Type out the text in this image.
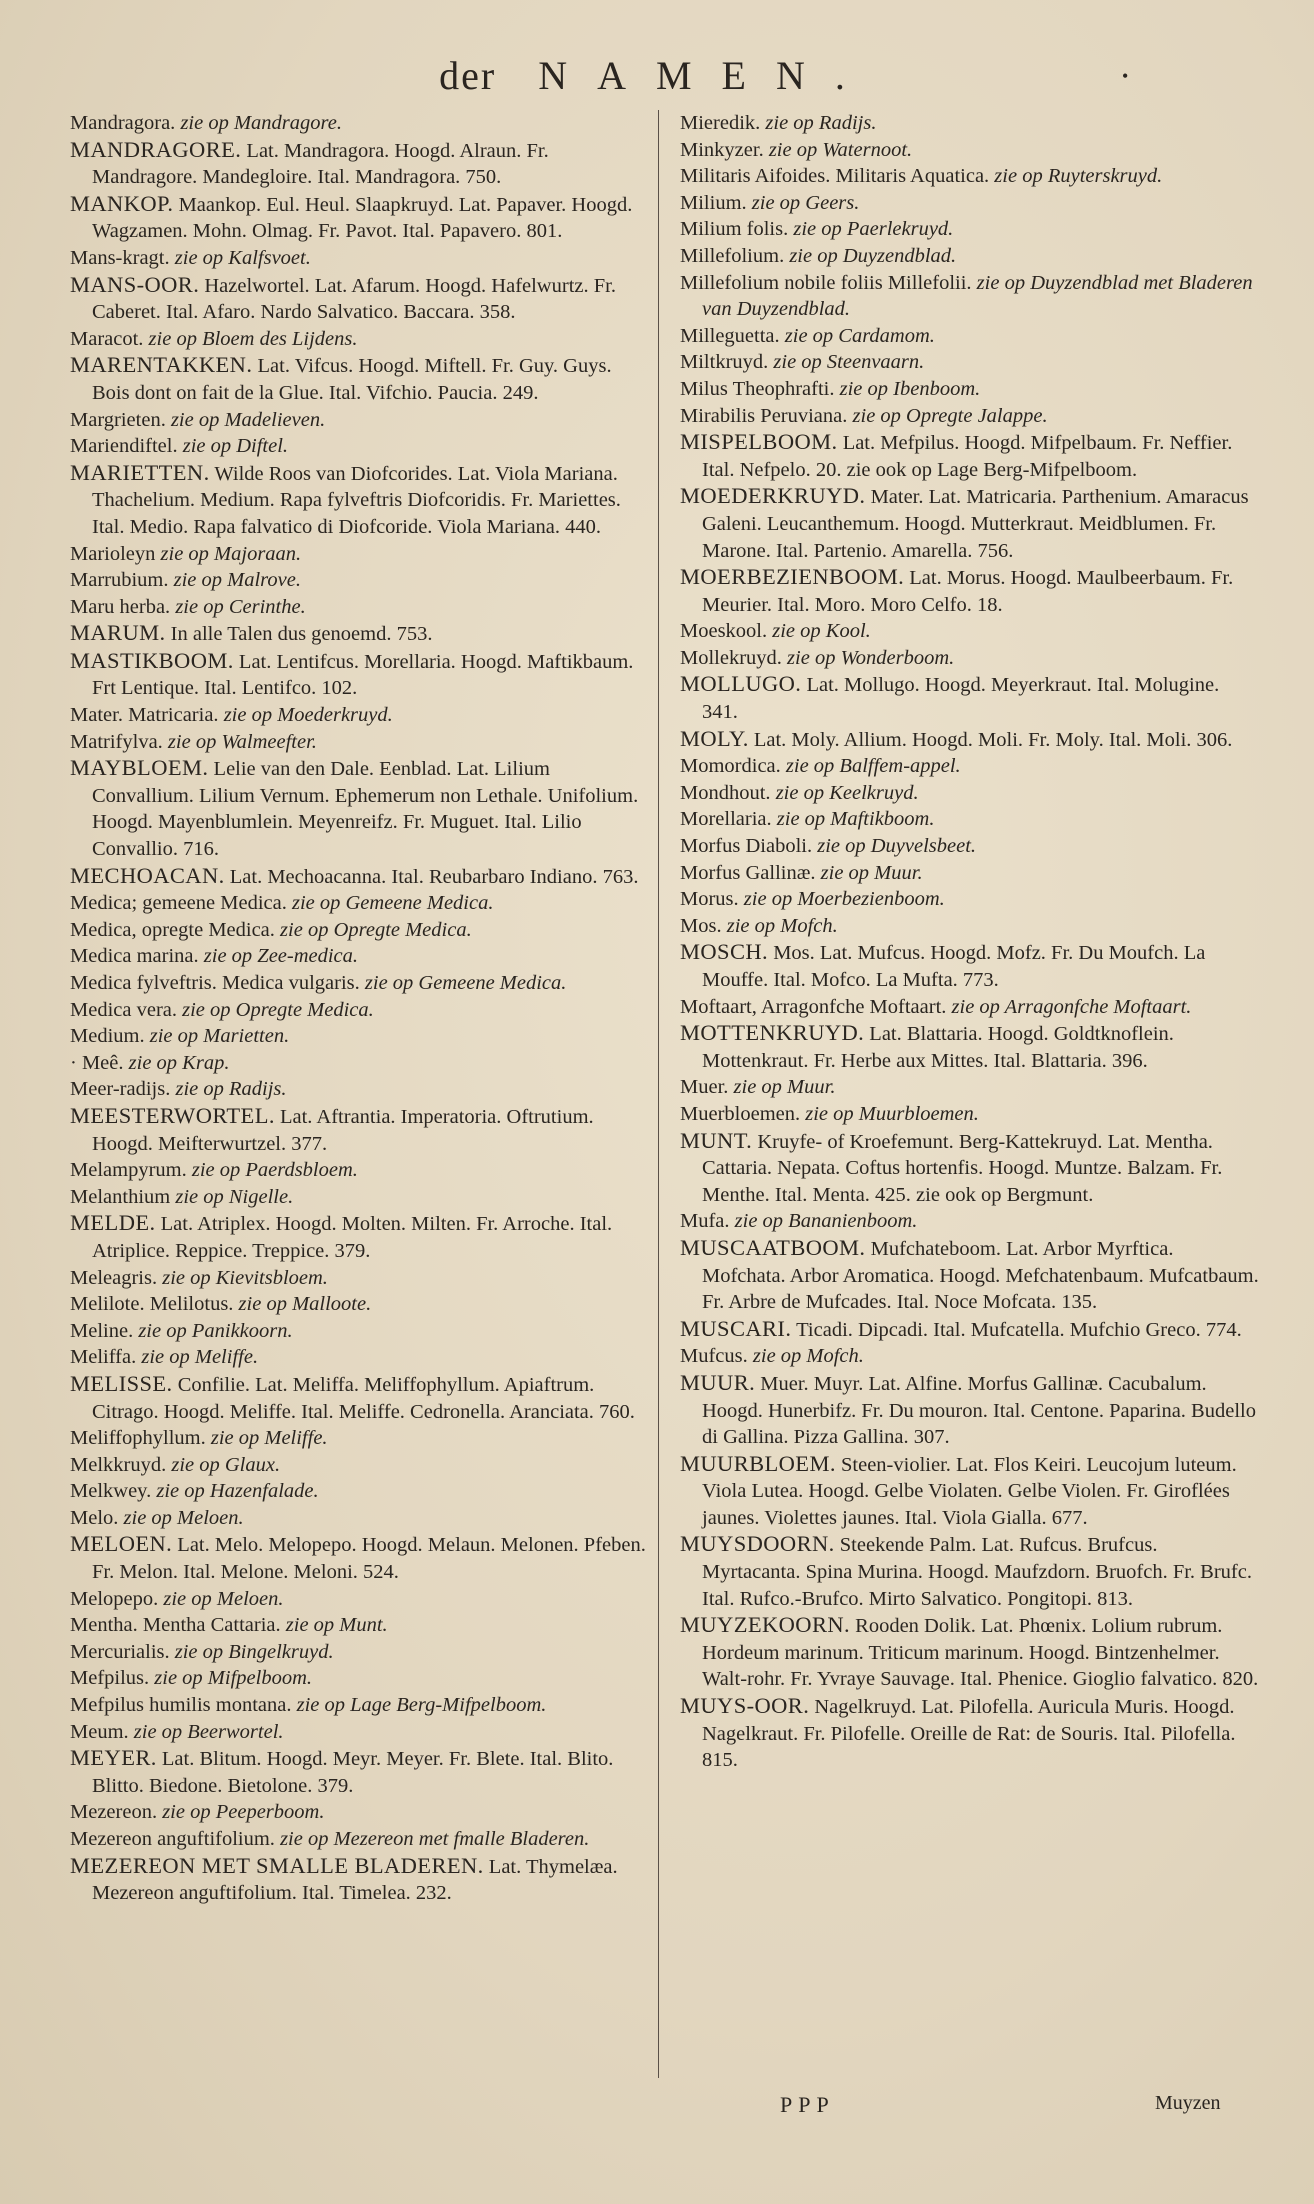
der NAMEN.	•

Mandragora. zie op Mandragore.

MANDRAGORE. Lat. Mandragora. Hoogd. Alraun. Fr. Mandragore. Mandegloire. Ital. Mandragora. 750.

MANKOP. Maankop. Eul. Heul. Slaapkruyd. Lat. Papaver. Hoogd. Wagzamen. Mohn. Olmag. Fr. Pavot. Ital. Papavero. 801.

Mans-kragt. zie op Kalfsvoet.

MANS-OOR. Hazelwortel. Lat. Afarum. Hoogd. Hafelwurtz. Fr. Caberet. Ital. Afaro. Nardo Salvatico. Baccara. 358.

Maracot. zie op Bloem des Lijdens.

MARENTAKKEN. Lat. Vifcus. Hoogd. Miftell. Fr. Guy. Guys. Bois dont on fait de la Glue. Ital. Vifchio. Paucia. 249.

Margrieten. zie op Madelieven.

Mariendiftel. zie op Diftel.

MARIETTEN. Wilde Roos van Diofcorides. Lat. Viola Mariana. Thachelium. Medium. Rapa fylveftris Diofcoridis. Fr. Mariettes. Ital. Medio. Rapa falvatico di Diofcoride. Viola Mariana. 440.

Marioleyn zie op Majoraan.

Marrubium. zie op Malrove.

Maru herba. zie op Cerinthe.

MARUM. In alle Talen dus genoemd. 753.

MASTIKBOOM. Lat. Lentifcus. Morellaria. Hoogd. Maftikbaum. Frt Lentique. Ital. Lentifco. 102.

Mater. Matricaria. zie op Moederkruyd.

Matrifylva. zie op Walmeefter.

MAYBLOEM. Lelie van den Dale. Eenblad. Lat. Lilium Convallium. Lilium Vernum. Ephemerum non Lethale. Unifolium. Hoogd. Mayenblumlein. Meyenreifz. Fr. Muguet. Ital. Lilio Convallio. 716.

MECHOACAN. Lat. Mechoacanna. Ital. Reubarbaro Indiano. 763.

Medica; gemeene Medica. zie op Gemeene Medica.

Medica, opregte Medica. zie op Opregte Medica.

Medica marina. zie op Zee-medica.

Medica fylveftris. Medica vulgaris. zie op Gemeene Medica.

Medica vera. zie op Opregte Medica.

Medium. zie op Marietten.

· Meê. zie op Krap.

Meer-radijs. zie op Radijs.

MEESTERWORTEL. Lat. Aftrantia. Imperatoria. Oftrutium. Hoogd. Meifterwurtzel. 377.

Melampyrum. zie op Paerdsbloem.

Melanthium zie op Nigelle.

MELDE. Lat. Atriplex. Hoogd. Molten. Milten. Fr. Arroche. Ital. Atriplice. Reppice. Treppice. 379.

Meleagris. zie op Kievitsbloem.

Melilote. Melilotus. zie op Malloote.

Meline. zie op Panikkoorn.

Meliffa. zie op Meliffe.

MELISSE. Confilie. Lat. Meliffa. Meliffophyllum. Apiaftrum. Citrago. Hoogd. Meliffe. Ital. Meliffe. Cedronella. Aranciata. 760.

Meliffophyllum. zie op Meliffe.

Melkkruyd. zie op Glaux.

Melkwey. zie op Hazenfalade.

Melo. zie op Meloen.

MELOEN. Lat. Melo. Melopepo. Hoogd. Melaun. Melonen. Pfeben. Fr. Melon. Ital. Melone. Meloni. 524.

Melopepo. zie op Meloen.

Mentha. Mentha Cattaria. zie op Munt.

Mercurialis. zie op Bingelkruyd.

Mefpilus. zie op Mifpelboom.

Mefpilus humilis montana. zie op Lage Berg-Mifpelboom.

Meum. zie op Beerwortel.

MEYER. Lat. Blitum. Hoogd. Meyr. Meyer. Fr. Blete. Ital. Blito. Blitto. Biedone. Bietolone. 379.

Mezereon. zie op Peeperboom.

Mezereon anguftifolium. zie op Mezereon met fmalle Bladeren.

MEZEREON MET SMALLE BLADEREN. Lat. Thymelæa. Mezereon anguftifolium. Ital. Timelea. 232.

Mieredik. zie op Radijs.

Minkyzer. zie op Waternoot.

Militaris Aifoides. Militaris Aquatica. zie op Ruyterskruyd.

Milium. zie op Geers.

Milium folis. zie op Paerlekruyd.

Millefolium. zie op Duyzendblad.

Millefolium nobile foliis Millefolii. zie op Duyzendblad met Bladeren van Duyzendblad.

Milleguetta. zie op Cardamom.

Miltkruyd. zie op Steenvaarn.

Milus Theophrafti. zie op Ibenboom.

Mirabilis Peruviana. zie op Opregte Jalappe.

MISPELBOOM. Lat. Mefpilus. Hoogd. Mifpelbaum. Fr. Neffier. Ital. Nefpelo. 20. zie ook op Lage Berg-Mifpelboom.

MOEDERKRUYD. Mater. Lat. Matricaria. Parthenium. Amaracus Galeni. Leucanthemum. Hoogd. Mutterkraut. Meidblumen. Fr. Marone. Ital. Partenio. Amarella. 756.

MOERBEZIENBOOM. Lat. Morus. Hoogd. Maulbeerbaum. Fr. Meurier. Ital. Moro. Moro Celfo. 18.

Moeskool. zie op Kool.

Mollekruyd. zie op Wonderboom.

MOLLUGO. Lat. Mollugo. Hoogd. Meyerkraut. Ital. Molugine. 341.

MOLY. Lat. Moly. Allium. Hoogd. Moli. Fr. Moly. Ital. Moli. 306.

Momordica. zie op Balffem-appel.

Mondhout. zie op Keelkruyd.

Morellaria. zie op Maftikboom.

Morfus Diaboli. zie op Duyvelsbeet.

Morfus Gallinæ. zie op Muur.

Morus. zie op Moerbezienboom.

Mos. zie op Mofch.

MOSCH. Mos. Lat. Mufcus. Hoogd. Mofz. Fr. Du Moufch. La Mouffe. Ital. Mofco. La Mufta. 773.

Moftaart, Arragonfche Moftaart. zie op Arragonfche Moftaart.

MOTTENKRUYD. Lat. Blattaria. Hoogd. Goldtknoflein. Mottenkraut. Fr. Herbe aux Mittes. Ital. Blattaria. 396.

Muer. zie op Muur.

Muerbloemen. zie op Muurbloemen.

MUNT. Kruyfe- of Kroefemunt. Berg-Kattekruyd. Lat. Mentha. Cattaria. Nepata. Coftus hortenfis. Hoogd. Muntze. Balzam. Fr. Menthe. Ital. Menta. 425. zie ook op Bergmunt.

Mufa. zie op Bananienboom.

MUSCAATBOOM. Mufchateboom. Lat. Arbor Myrftica. Mofchata. Arbor Aromatica. Hoogd. Mefchatenbaum. Mufcatbaum. Fr. Arbre de Mufcades. Ital. Noce Mofcata. 135.

MUSCARI. Ticadi. Dipcadi. Ital. Mufcatella. Mufchio Greco. 774.

Mufcus. zie op Mofch.

MUUR. Muer. Muyr. Lat. Alfine. Morfus Gallinæ. Cacubalum. Hoogd. Hunerbifz. Fr. Du mouron. Ital. Centone. Paparina. Budello di Gallina. Pizza Gallina. 307.

MUURBLOEM. Steen-violier. Lat. Flos Keiri. Leucojum luteum. Viola Lutea. Hoogd. Gelbe Violaten. Gelbe Violen. Fr. Giroflées jaunes. Violettes jaunes. Ital. Viola Gialla. 677.

MUYSDOORN. Steekende Palm. Lat. Rufcus. Brufcus. Myrtacanta. Spina Murina. Hoogd. Maufzdorn. Bruofch. Fr. Brufc. Ital. Rufco.-Brufco. Mirto Salvatico. Pongitopi. 813.

MUYZEKOORN. Rooden Dolik. Lat. Phœnix. Lolium rubrum. Hordeum marinum. Triticum marinum. Hoogd. Bintzenhelmer. Walt-rohr. Fr. Yvraye Sauvage. Ital. Phenice. Gioglio falvatico. 820.

MUYS-OOR. Nagelkruyd. Lat. Pilofella. Auricula Muris. Hoogd. Nagelkraut. Fr. Pilofelle. Oreille de Rat: de Souris. Ital. Pilofella. 815.

PPP	Muyzen
